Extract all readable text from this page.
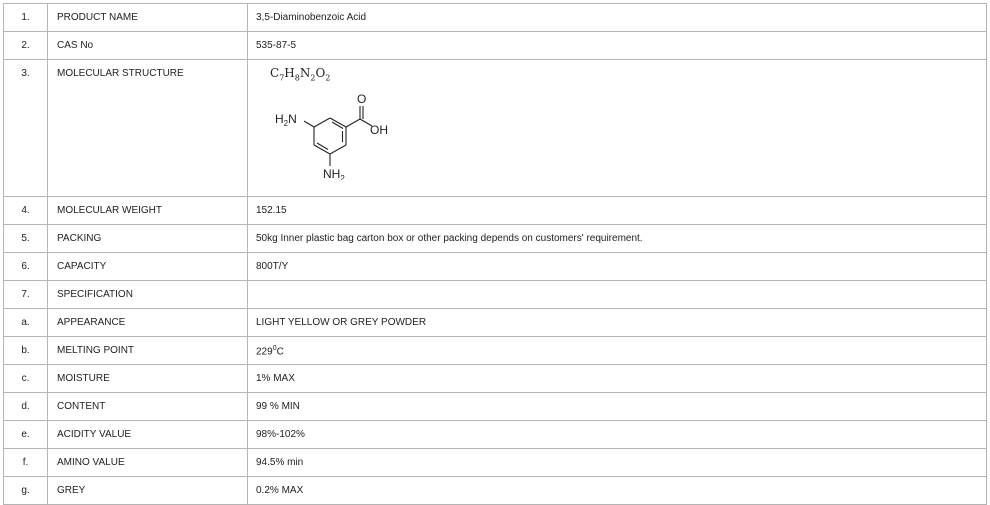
1.	PRODUCT NAME	3,5-Diaminobenzoic Acid
2.	CAS No	535-87-5
3.	MOLECULAR STRUCTURE	$C_7H_8N_2O_2$
O
OH
$H_2N$
$NH_2$

4.	MOLECULAR WEIGHT	152.15
5.	PACKING	50kg Inner plastic bag carton box or other packing depends on customers' requirement.
6.	CAPACITY	800T/Y
7.	SPECIFICATION	
a.	APPEARANCE	LIGHT YELLOW OR GREY POWDER
b.	MELTING POINT	$229^0C$
c.	MOISTURE	1% MAX
d.	CONTENT	99 % MIN
e.	ACIDITY VALUE	98%-102%
f.	AMINO VALUE	94.5% min
g.	GREY	0.2% MAX
